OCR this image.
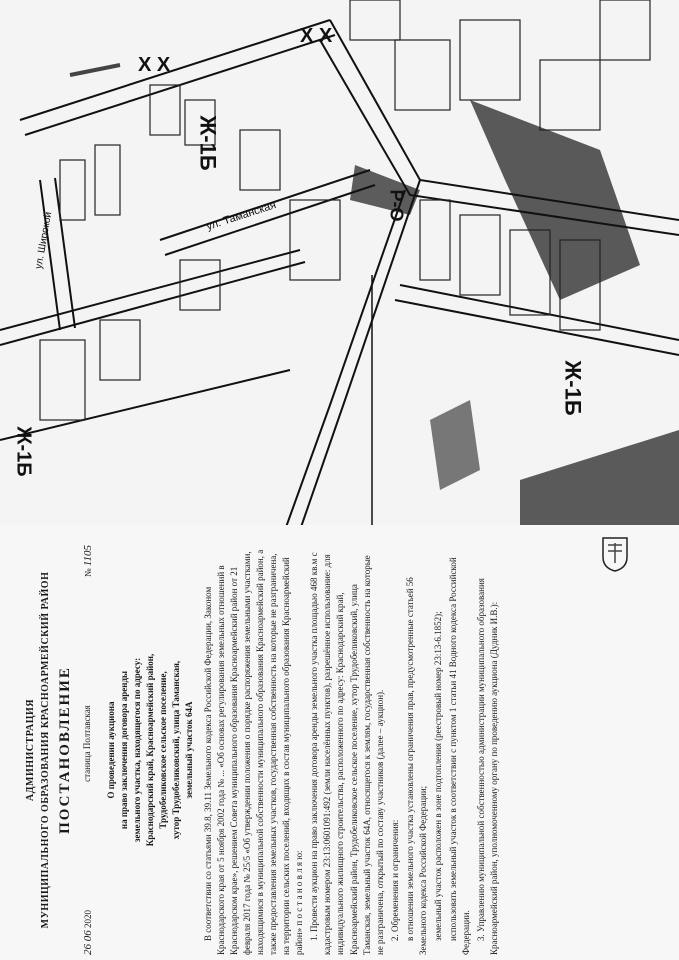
Ж-1Б
Ж-1Б
Р-О
Ж-1Б
ул. Таманская
ул. Широкой
X X
X X
АДМИНИСТРАЦИЯ МУНИЦИПАЛЬНОГО ОБРАЗОВАНИЯ КРАСНОАРМЕЙСКИЙ РАЙОН ПОСТАНОВЛЕНИЕ
26 06 2020
станица Полтавская
№ 1105
О проведении аукциона на право заключения договора аренды земельного участка, находящегося по адресу: Краснодарский край, Красноармейский район, Трудобеликовское сельское поселение, хутор Трудобеликовский, улица Таманская, земельный участок 64А В соответствии со статьями 39.8, 39.11 Земельного кодекса Российской Федерации, Законом Краснодарского края от 5 ноября 2002 года № ... «Об основах регулирования земельных отношений в Краснодарском крае», решением Совета муниципального образования Красноармейский район от 21 февраля 2017 года № 25/5 «Об утверждении положения о порядке распоряжения земельными участками, находящимися в муниципальной собственности муниципального образования Красноармейский район, а также предоставления земельных участков, государственная собственность на которые не разграничена, на территории сельских поселений, входящих в состав муниципального образования Красноармейский район» п о с т а н о в л я ю: 1. Провести аукцион на право заключения договора аренды земельного участка площадью 468 кв.м с кадастровым номером 23:13:0601091:492 (земли населённых пунктов), разрешённое использование: для индивидуального жилищного строительства, расположенного по адресу: Краснодарский край, Красноармейский район, Трудобеликовское сельское поселение, хутор Трудобеликовский, улица Таманская, земельный участок 64А, относящегося к землям, государственная собственность на которые не разграничена, открытый по составу участников (далее – аукцион). 2. Обременения и ограничения: в отношении земельного участка установлены ограничения прав, предусмотренные статьей 56 Земельного кодекса Российской Федерации; земельный участок расположен в зоне подтопления (реестровый номер 23:13-6.1852); использовать земельный участок в соответствии с пунктом 1 статьи 41 Водного кодекса Российской Федерации. 3. Управлению муниципальной собственностью администрации муниципального образования Красноармейский район, уполномоченному органу по проведению аукциона (Дудник И.В.):
